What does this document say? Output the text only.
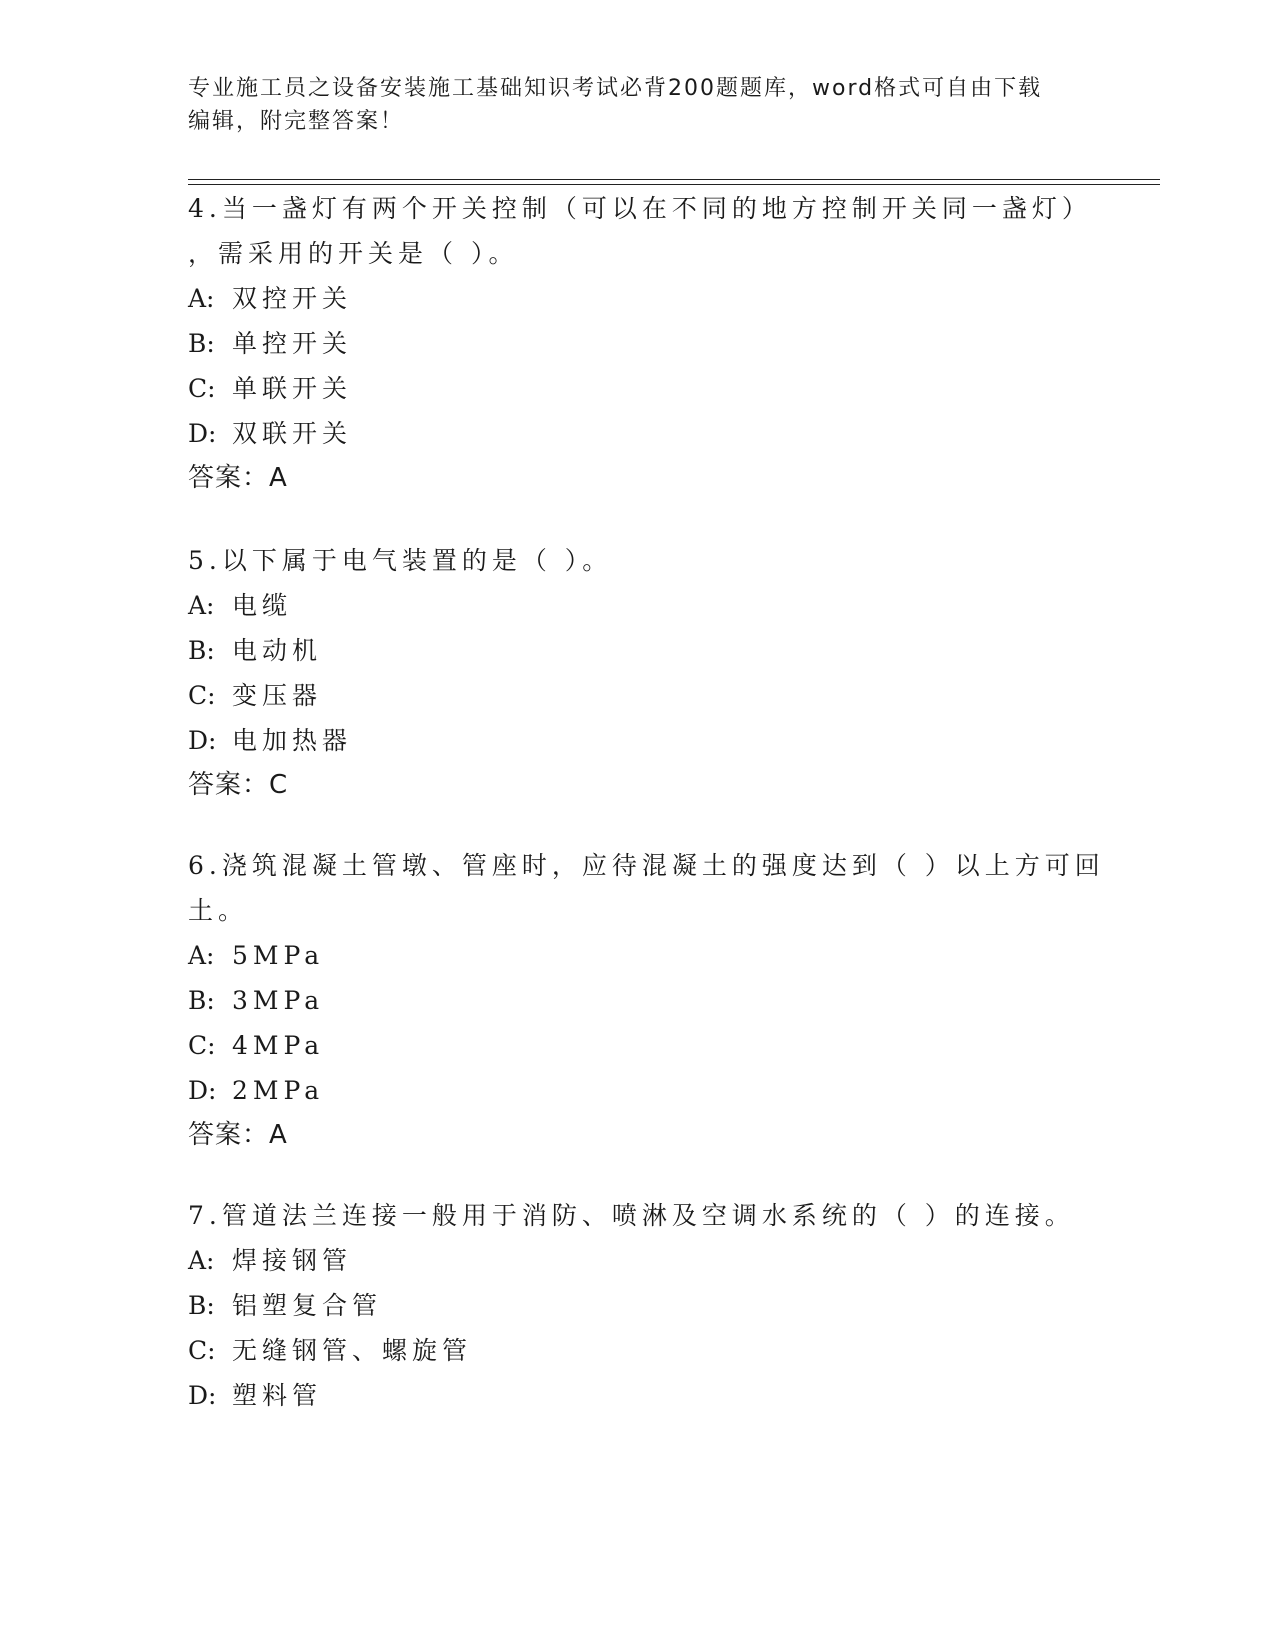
专业施工员之设备安装施工基础知识考试必背200题题库，word格式可自由下载
编辑，附完整答案！
4.当一盏灯有两个开关控制（可以在不同的地方控制开关同一盏灯）
，需采用的开关是（ ）。
A: 双控开关
B: 单控开关
C: 单联开关
D: 双联开关
答案：A
5.以下属于电气装置的是（ ）。
A: 电缆
B: 电动机
C: 变压器
D: 电加热器
答案：C
6.浇筑混凝土管墩、管座时，应待混凝土的强度达到（ ）以上方可回
土。
A: 5MPa
B: 3MPa
C: 4MPa
D: 2MPa
答案：A
7.管道法兰连接一般用于消防、喷淋及空调水系统的（ ）的连接。
A: 焊接钢管
B: 铝塑复合管
C: 无缝钢管、螺旋管
D: 塑料管
